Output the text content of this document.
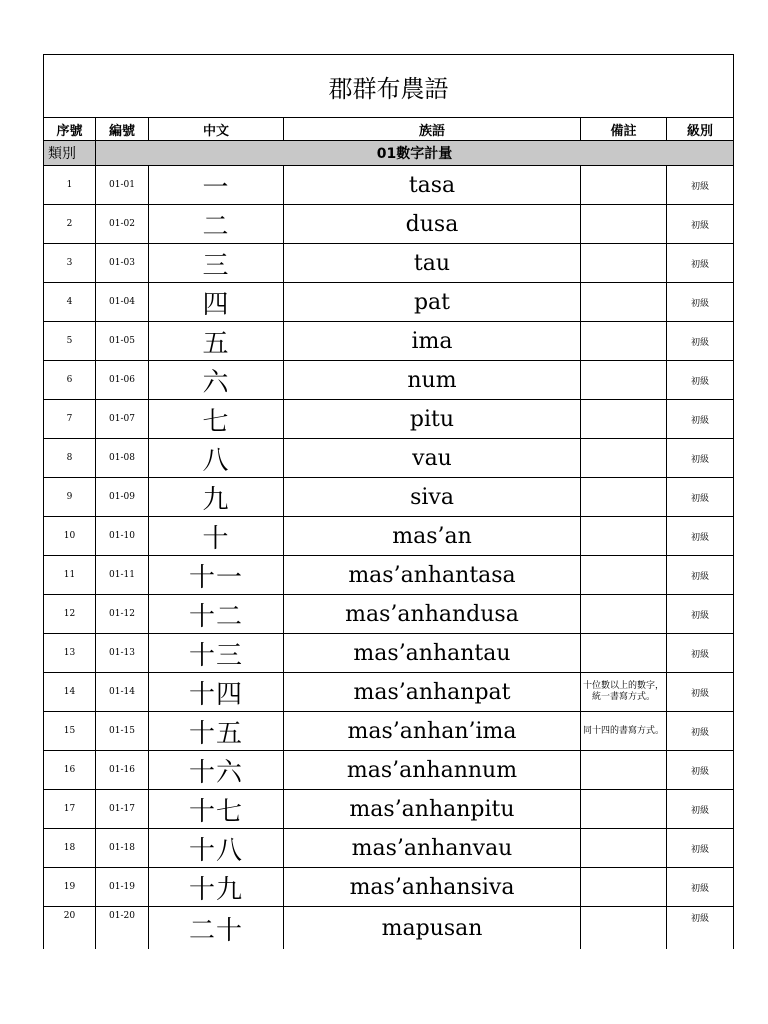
郡群布農語					
序號	編號	中文	族語	備註	級別
類別	01數字計量				
1	01-01	一	tasa		初級
2	01-02	二	dusa		初級
3	01-03	三	tau		初級
4	01-04	四	pat		初級
5	01-05	五	ima		初級
6	01-06	六	num		初級
7	01-07	七	pitu		初級
8	01-08	八	vau		初級
9	01-09	九	siva		初級
10	01-10	十	mas’an		初級
11	01-11	十一	mas’anhantasa		初級
12	01-12	十二	mas’anhandusa		初級
13	01-13	十三	mas’anhantau		初級
14	01-14	十四	mas’anhanpat	十位數以上的數字，統一書寫方式。	初級
15	01-15	十五	mas’anhan’ima	同十四的書寫方式。	初級
16	01-16	十六	mas’anhannum		初級
17	01-17	十七	mas’anhanpitu		初級
18	01-18	十八	mas’anhanvau		初級
19	01-19	十九	mas’anhansiva		初級
20	01-20	二十	mapusan		初級
